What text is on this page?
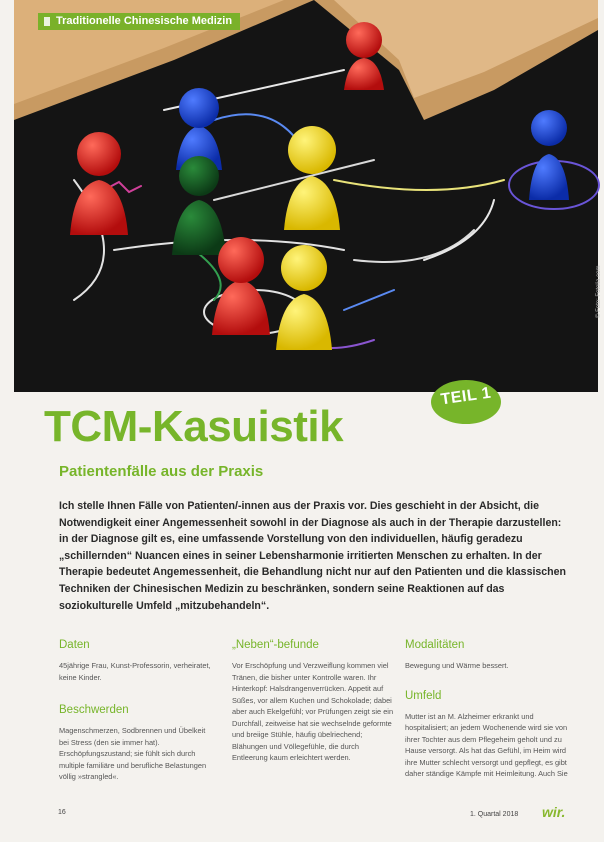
© Foto: Fotolia.com
Traditionelle Chinesische Medizin
TEIL 1
TCM-Kasuistik
Patientenfälle aus der Praxis

Ich stelle Ihnen Fälle von Patienten/-innen aus der Praxis vor. Dies geschieht in der Absicht, die Notwendigkeit einer Angemessenheit sowohl in der Diagnose als auch in der Therapie darzustellen: in der Diagnose gilt es, eine umfassende Vorstellung von den individuellen, häufig geradezu „schillernden“ Nuancen eines in seiner Lebensharmonie irritierten Menschen zu erhalten. In der Therapie bedeutet Angemessenheit, die Behandlung nicht nur auf den Patienten und die klassischen Techniken der Chinesischen Medizin zu beschränken, sondern seine Reaktionen auf das soziokulturelle Umfeld „mitzubehandeln“.

Daten

45jährige Frau, Kunst-Professorin, verheiratet, keine Kinder.

Beschwerden

Magenschmerzen, Sodbrennen und Übelkeit bei Stress (den sie immer hat). Erschöpfungszustand; sie fühlt sich durch multiple familiäre und berufliche Belastungen völlig »strangled«.

„Neben“-befunde

Vor Erschöpfung und Verzweiflung kommen viel Tränen, die bisher unter Kontrolle waren. Ihr Hinterkopf: Halsdrangenverrücken. Appetit auf Süßes, vor allem Kuchen und Schokolade; dabei aber auch Ekelgefühl; vor Prüfungen zeigt sie ein Durchfall, zeitweise hat sie wechselnde geformte und breiige Stühle, häufig übelriechend; Blähungen und Völlegefühle, die durch Entleerung kaum erleichtert werden.

Modalitäten

Bewegung und Wärme bessert.

Umfeld

Mutter ist an M. Alzheimer erkrankt und hospitalisiert; an jedem Wochenende wird sie von ihrer Tochter aus dem Pflegeheim geholt und zu Hause versorgt. Als hat das Gefühl, im Heim wird ihre Mutter schlecht versorgt und gepflegt, es gibt daher ständige Kämpfe mit Heimleitung. Auch Sie

16	1. Quartal 2018 wir.
